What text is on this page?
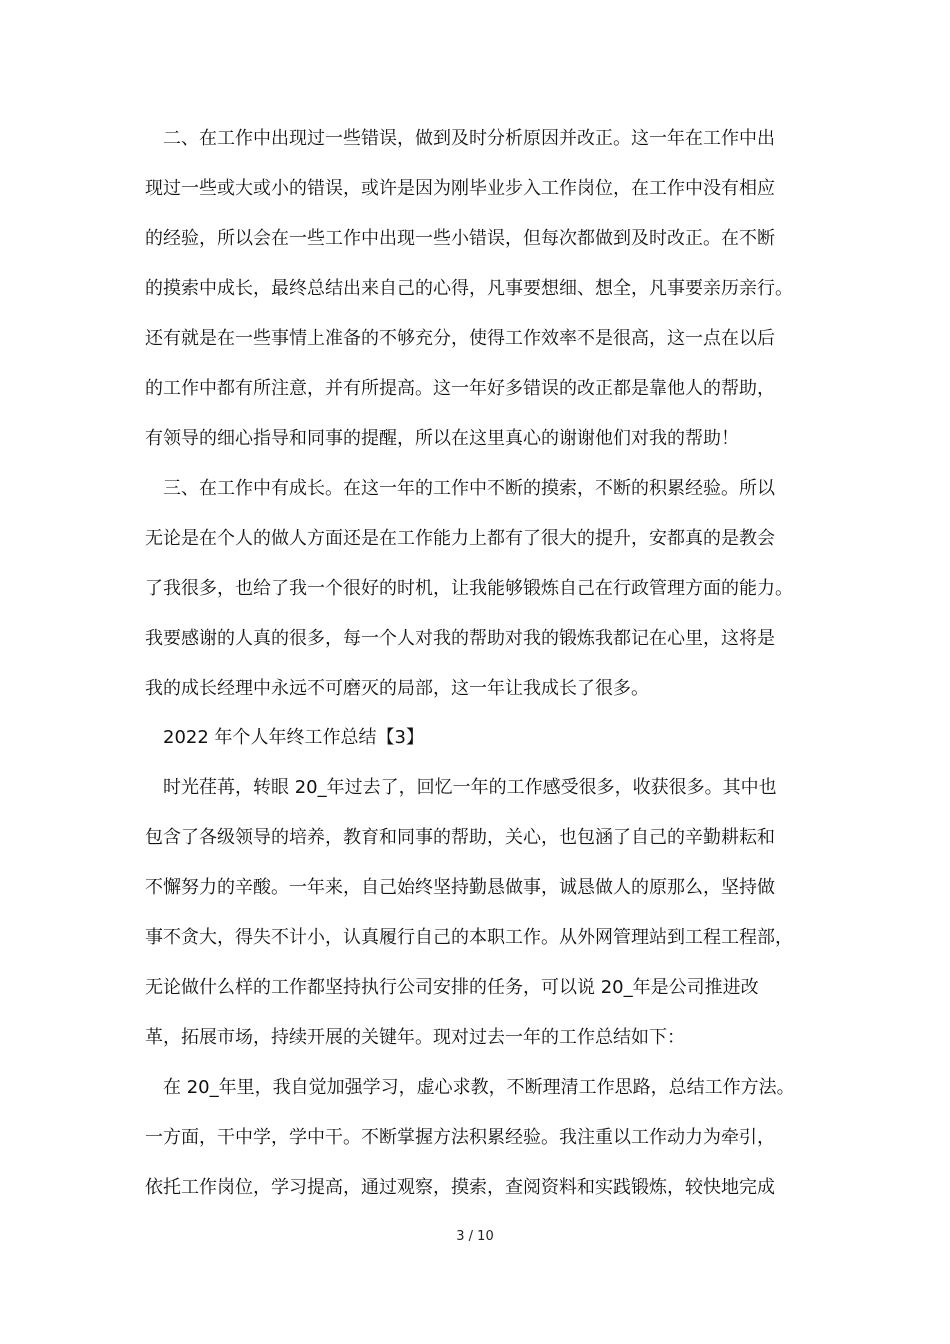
二、在工作中出现过一些错误，做到及时分析原因并改正。这一年在工作中出
现过一些或大或小的错误，或许是因为刚毕业步入工作岗位，在工作中没有相应
的经验，所以会在一些工作中出现一些小错误，但每次都做到及时改正。在不断
的摸索中成长，最终总结出来自己的心得，凡事要想细、想全，凡事要亲历亲行。
还有就是在一些事情上准备的不够充分，使得工作效率不是很高，这一点在以后
的工作中都有所注意，并有所提高。这一年好多错误的改正都是靠他人的帮助，
有领导的细心指导和同事的提醒，所以在这里真心的谢谢他们对我的帮助！
三、在工作中有成长。在这一年的工作中不断的摸索，不断的积累经验。所以
无论是在个人的做人方面还是在工作能力上都有了很大的提升，安都真的是教会
了我很多，也给了我一个很好的时机，让我能够锻炼自己在行政管理方面的能力。
我要感谢的人真的很多，每一个人对我的帮助对我的锻炼我都记在心里，这将是
我的成长经理中永远不可磨灭的局部，这一年让我成长了很多。
2022 年个人年终工作总结【3】
时光荏苒，转眼 20_年过去了，回忆一年的工作感受很多，收获很多。其中也
包含了各级领导的培养，教育和同事的帮助，关心，也包涵了自己的辛勤耕耘和
不懈努力的辛酸。一年来，自己始终坚持勤恳做事，诚恳做人的原那么，坚持做
事不贪大，得失不计小，认真履行自己的本职工作。从外网管理站到工程工程部，
无论做什么样的工作都坚持执行公司安排的任务，可以说 20_年是公司推进改
革，拓展市场，持续开展的关键年。现对过去一年的工作总结如下：
在 20_年里，我自觉加强学习，虚心求教，不断理清工作思路，总结工作方法。
一方面，干中学，学中干。不断掌握方法积累经验。我注重以工作动力为牵引，
依托工作岗位，学习提高，通过观察，摸索，查阅资料和实践锻炼，较快地完成
3 / 10
